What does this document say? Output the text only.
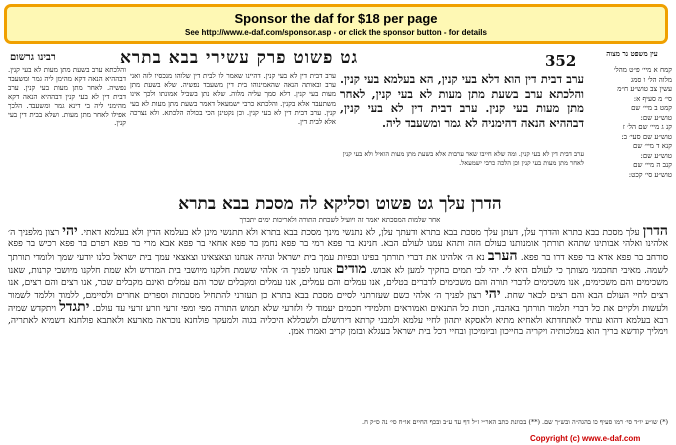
Sponsor the daf for $18 per page
See http://www.e-daf.com/sponsor.asp - or click the sponsor button - for details
352
גט פשוט פרק עשירי בבא בתרא
רבינו גרשום	עין משפט נר מצוה
קמח א מיי׳ פ״ט מהל׳
מלוה הל׳ ו סמג
עשין צב טוש״ע ח״מ
סי׳ מ סעיף א:
קמט ב מיי׳ שם
טוש״ע שם:
קנ ג מיי׳ שם הל׳ ז
טוש״ע שם סעי׳ ב:
קנא ד מיי׳ שם
טוש״ע שם:
קנב ה מיי׳ שם
טוש״ע סי׳ קכט:
ערב דבית דין הוא דלא בעי קנין, הא בעלמא בעי קנין. והלכתא ערב בשעת מתן מעות לא בעי קנין, לאחר מתן מעות בעי קנין. ערב דבית דין לא בעי קנין, דבההיא הנאה דהימניה לא גמר ומשעבד ליה.
ערב דבית דין לא בעי קנין. דהיינו שאמר לו לבית דין שלוהו מנכסיו לזה ואני ערב ובאותה הנאה שהאמינוהו בית דין משעבד נפשיה. שלא בשעת מתן מעות בעי קנין. דלא סמך עליה מלוה. שלא נתן בשביל אמונתו ולכך אינו משתעבד אלא בקנין. והלכתא כרבי ישמעאל דאמר בשעת מתן מעות לא בעי קנין. ערב דבית דין לא בעי קנין. וכן נקטינן הכי בכולה הלכתא. ולא נצרכה אלא לבית דין.
והלכתא ערב בשעת מתן מעות לא בעי קנין. דבההיא הנאה דקא מהימן ליה גמר ומשעבד נפשיה. לאחר מתן מעות בעי קנין. ערב דבית דין לא בעי קנין דבההיא הנאה דקא מהימני ליה בי דינא גמר ומשעבד. הלכך אפילו לאחר מתן מעות. ושלא בבית דין בעי קנין.
ערב דבית דין לא בעי קנין. ומה שלא חייבו שאר ערבות אלא בשעת מתן מעות הואיל ולא בעי קנין לאחר מתן מעות בעי קנין וכן הלכה כרבי ישמעאל.
הדרן עלך גט פשוט וסליקא לה מסכת בבא בתרא
אחר שלמות המסכתא יאמר זה ויועיל לשכחת התורה ולאריכות ימים יתברך
הדרן עלך מסכת בבא בתרא והדרך עלן, דעתן עלך מסכת בבא בתרא ודעתך עלן, לא נתנשי מינך מסכת בבא בתרא ולא תתנשי מינן לא בעלמא הדין ולא בעלמא דאתי. יהי רצון מלפניך ה׳ אלהינו ואלהי אבותינו שתהא תורתך אומנותנו בעולם הזה ותהא עמנו לעולם הבא. חנינא בר פפא רמי בר פפא נחמן בר פפא אחאי בר פפא אבא מרי בר פפא רפרם בר פפא רכיש בר פפא סורחב בר פפא אדא בר פפא דרו בר פפא. הערב נא ה׳ אלהינו את דברי תורתך בפינו ובפיות עמך בית ישראל ונהיה אנחנו וצאצאינו וצאצאי עמך בית ישראל כלנו יודעי שמך ולומדי תורתך לשמה. מאיבי תחכמני מצותך כי לעולם היא לי. יהי לבי תמים בחקיך למען לא אבוש. מודים אנחנו לפניך ה׳ אלהי ששמת חלקנו מיושבי בית המדרש ולא שמת חלקנו מיושבי קרנות, שאנו משכימים והם משכימים, אנו משכימים לדברי תורה והם משכימים לדברים בטלים, אנו עמלים והם עמלים, אנו עמלים ומקבלים שכר והם עמלים ואינם מקבלים שכר, אנו רצים והם רצים, אנו רצים לחיי העולם הבא והם רצים לבאר שחת. יהי רצון לפניך ה׳ אלהי כשם שעזרתני לסיים מסכת בבא בתרא כן תעזרני להתחיל מסכתות וספרים אחרים ולסיימם, ללמוד וללמד לשמור ולעשות ולקיים את כל דברי תלמוד תורתך באהבה, וזכות כל התנאים ואמוראים ותלמידי חכמים יעמוד לי ולזרעי שלא תמוש התורה מפי ומפי זרעי וזרע זרעי עד עולם. יתגדל ויתקדש שמיה רבא בעלמא דהוא עתיד לאתחדתא ולאחיא מתיא ולאסקא יתהון לחיי עלמא ולמבני קרתא דירושלם ולשכללא היכליה בגוה ולמעקר פולחנא נוכראה מארעא ולאתבא פולחנא דשמיא לאתריה, וימליך קודשא בריך הוא במלכותיה ויקריה בחייכון וביומיכון ובחיי דכל בית ישראל בעגלא ובזמן קריב ואמרו אמן.
(*) שו״ע יו״ד סי׳ רמו סעיף כו בהגה״ה ובש״ך שם. (**) בכוונת כתב האר״י ז״ל דף עד ע״ב ובכף החיים או״ח סי׳ נה ס״ק ח.
Copyright (c) www.e-daf.com
